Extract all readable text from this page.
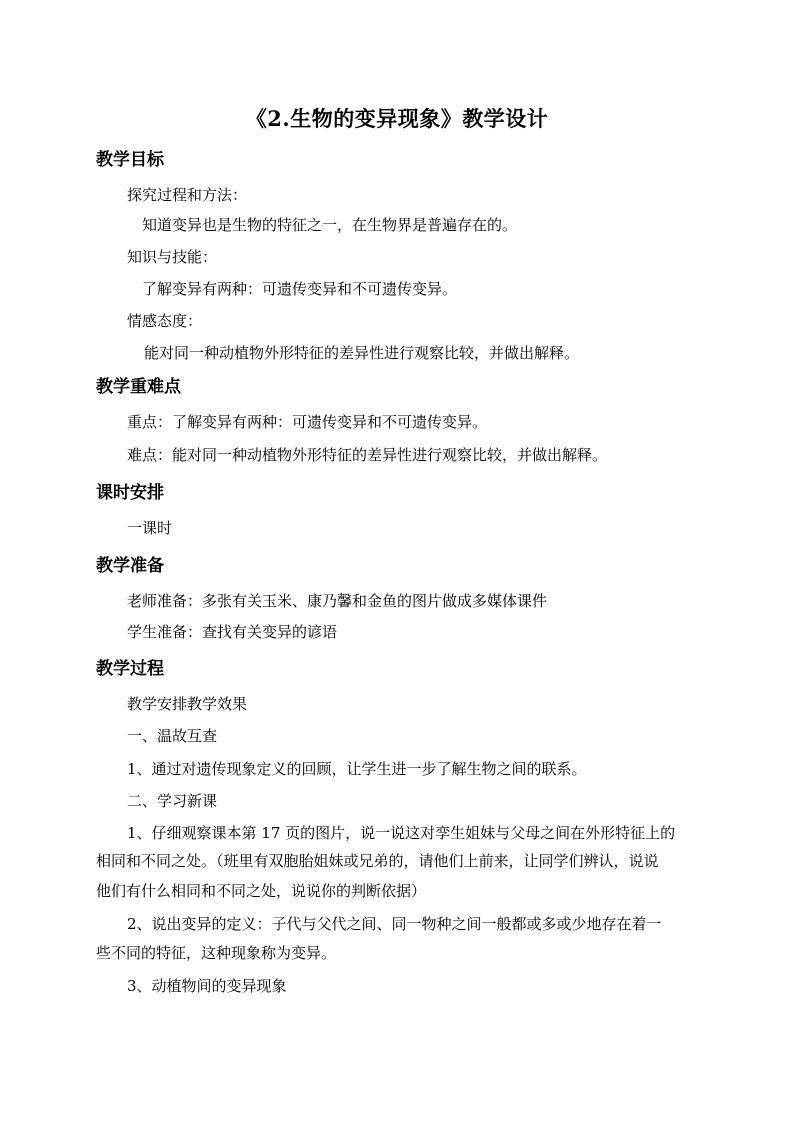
《2.生物的变异现象》教学设计
教学目标
探究过程和方法：
知道变异也是生物的特征之一，在生物界是普遍存在的。
知识与技能：
了解变异有两种：可遗传变异和不可遗传变异。
情感态度：
能对同一种动植物外形特征的差异性进行观察比较，并做出解释。
教学重难点
重点：了解变异有两种：可遗传变异和不可遗传变异。
难点：能对同一种动植物外形特征的差异性进行观察比较，并做出解释。
课时安排
一课时
教学准备
老师准备：多张有关玉米、康乃馨和金鱼的图片做成多媒体课件
学生准备：查找有关变异的谚语
教学过程
教学安排教学效果
一、温故互查
1、通过对遗传现象定义的回顾，让学生进一步了解生物之间的联系。
二、学习新课
1、仔细观察课本第 17 页的图片，说一说这对孪生姐妹与父母之间在外形特征上的
相同和不同之处。（班里有双胞胎姐妹或兄弟的，请他们上前来，让同学们辨认，说说
他们有什么相同和不同之处，说说你的判断依据）
2、说出变异的定义：子代与父代之间、同一物种之间一般都或多或少地存在着一
些不同的特征，这种现象称为变异。
3、动植物间的变异现象
